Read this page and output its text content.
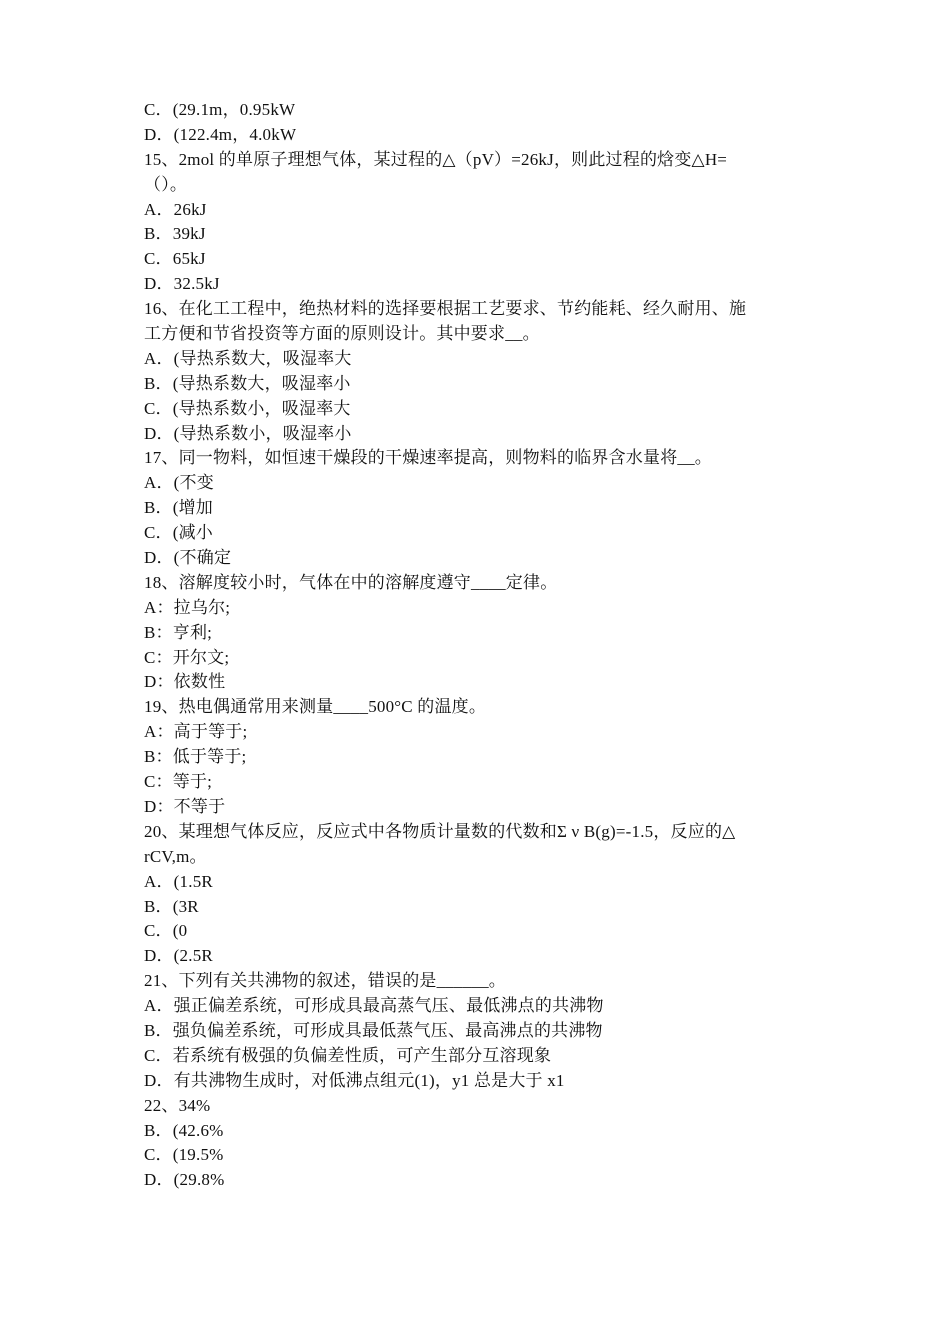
C．(29.1m，0.95kW
D．(122.4m，4.0kW
15、2mol 的单原子理想气体，某过程的△（pV）=26kJ，则此过程的焓变△H=
（）。
A．26kJ
B．39kJ
C．65kJ
D．32.5kJ
16、在化工工程中，绝热材料的选择要根据工艺要求、节约能耗、经久耐用、施
工方便和节省投资等方面的原则设计。其中要求__。
A．(导热系数大，吸湿率大
B．(导热系数大，吸湿率小
C．(导热系数小，吸湿率大
D．(导热系数小，吸湿率小
17、同一物料，如恒速干燥段的干燥速率提高，则物料的临界含水量将__。
A．(不变
B．(增加
C．(减小
D．(不确定
18、溶解度较小时，气体在中的溶解度遵守____定律。
A：拉乌尔;
B：亨利;
C：开尔文;
D：依数性
19、热电偶通常用来测量____500°C 的温度。
A：高于等于;
B：低于等于;
C：等于;
D：不等于
20、某理想气体反应，反应式中各物质计量数的代数和Σ ν B(g)=-1.5，反应的△
rCV,m。
A．(1.5R
B．(3R
C．(0
D．(2.5R
21、下列有关共沸物的叙述，错误的是______。
A．强正偏差系统，可形成具最高蒸气压、最低沸点的共沸物
B．强负偏差系统，可形成具最低蒸气压、最高沸点的共沸物
C．若系统有极强的负偏差性质，可产生部分互溶现象
D．有共沸物生成时，对低沸点组元(1)，y1 总是大于 x1
22、34%
B．(42.6%
C．(19.5%
D．(29.8%
